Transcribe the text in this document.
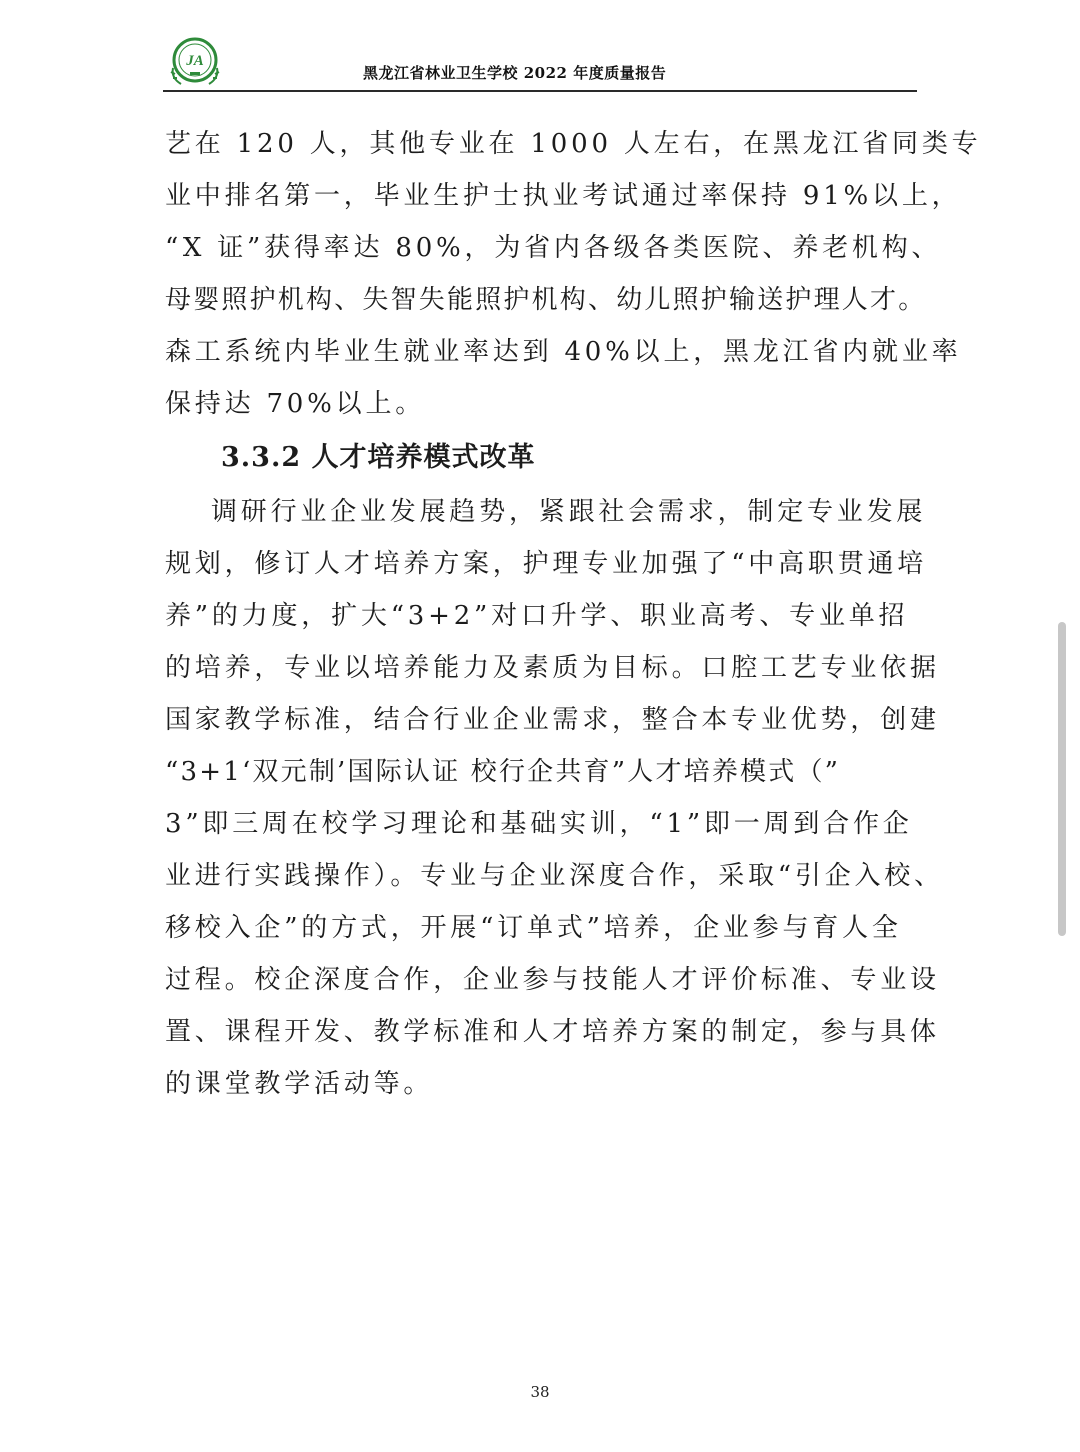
JA
黑龙江省林业卫生学校 2022 年度质量报告
艺在 120 人，其他专业在 1000 人左右，在黑龙江省同类专
业中排名第一，毕业生护士执业考试通过率保持 91%以上，
“X 证”获得率达 80%，为省内各级各类医院、养老机构、
母婴照护机构、失智失能照护机构、幼儿照护输送护理人才。
森工系统内毕业生就业率达到 40%以上，黑龙江省内就业率
保持达 70%以上。
3.3.2 人才培养模式改革
调研行业企业发展趋势，紧跟社会需求，制定专业发展
规划，修订人才培养方案，护理专业加强了“中高职贯通培
养”的力度，扩大“3+2”对口升学、职业高考、专业单招
的培养，专业以培养能力及素质为目标。口腔工艺专业依据
国家教学标准，结合行业企业需求，整合本专业优势，创建
“3+1‘双元制’国际认证 校行企共育”人才培养模式（”
3”即三周在校学习理论和基础实训，“1”即一周到合作企
业进行实践操作）。专业与企业深度合作，采取“引企入校、
移校入企”的方式，开展“订单式”培养，企业参与育人全
过程。校企深度合作，企业参与技能人才评价标准、专业设
置、课程开发、教学标准和人才培养方案的制定，参与具体
的课堂教学活动等。
38
